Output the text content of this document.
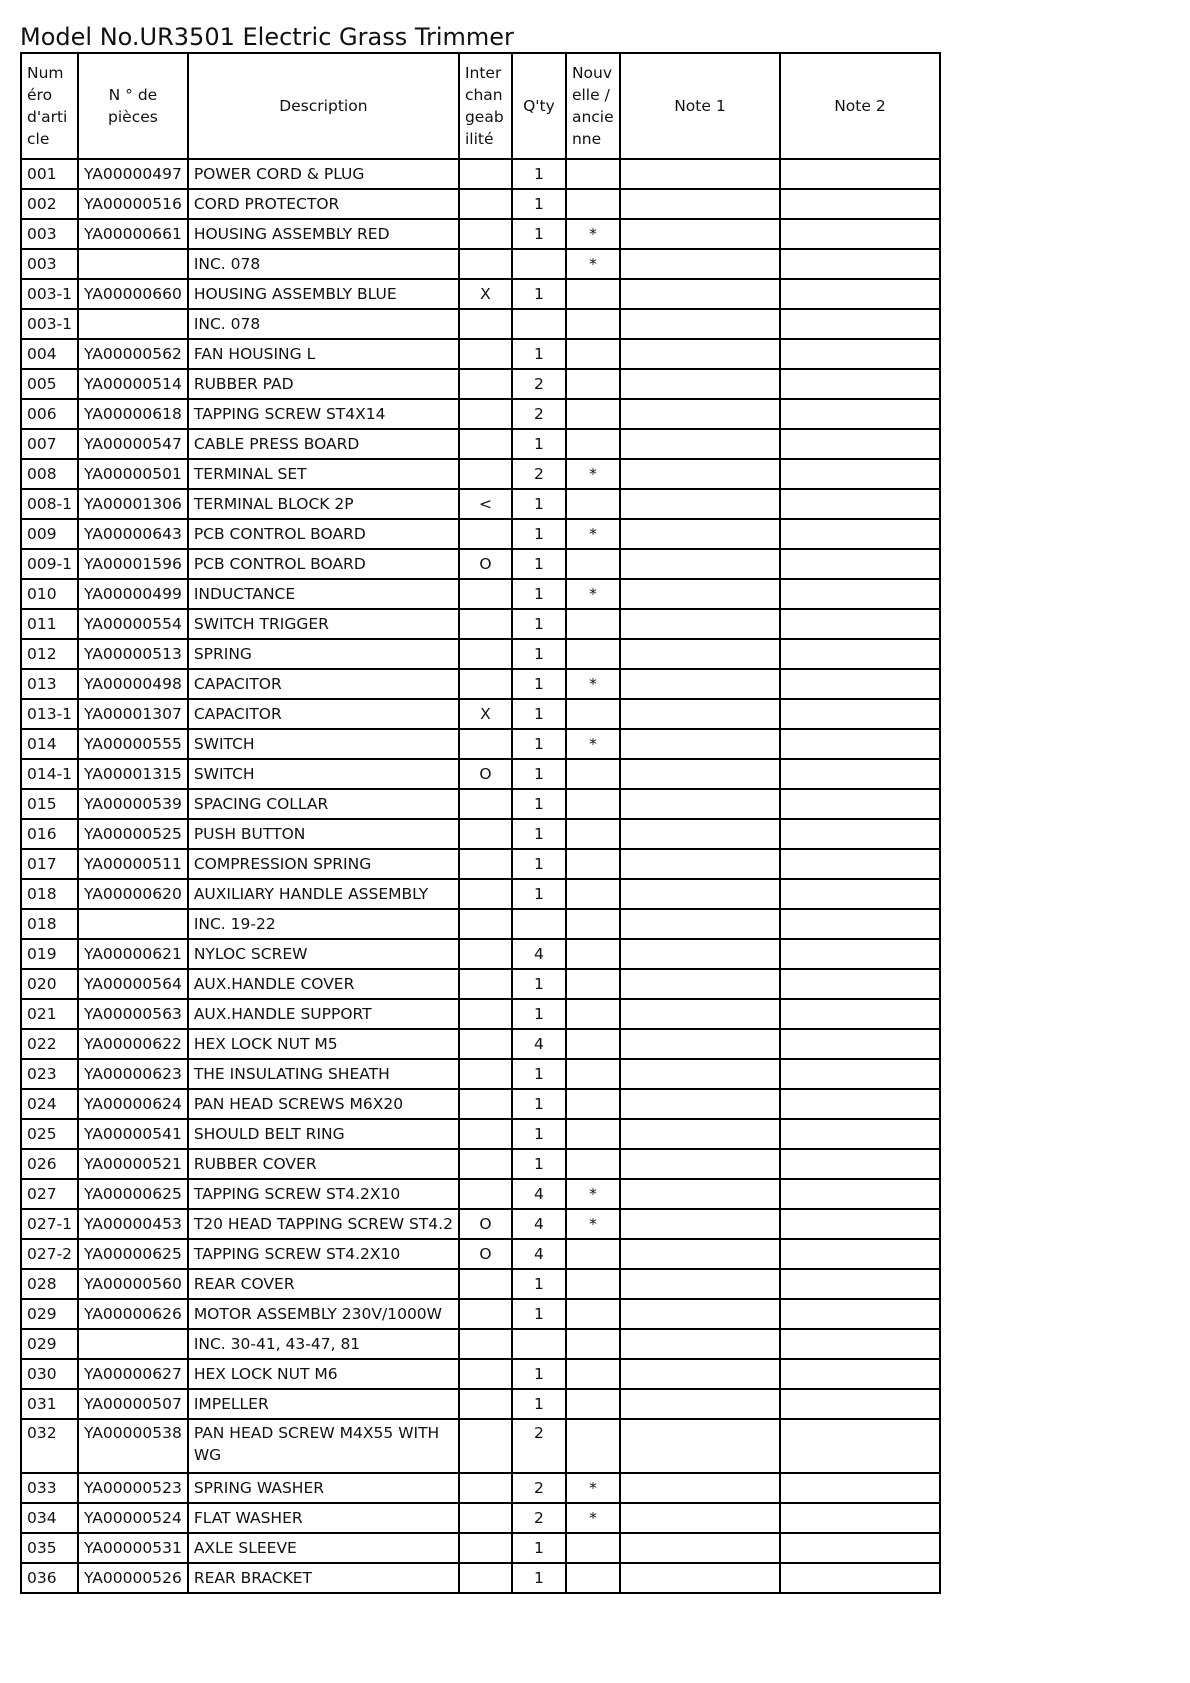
Model No.UR3501 Electric Grass Trimmer
Numéro d'article	N ° de pièces	Description	Interchangeabilité	Q'ty	Nouvelle / ancienne	Note 1	Note 2
001	YA00000497	POWER CORD & PLUG		1			
002	YA00000516	CORD PROTECTOR		1			
003	YA00000661	HOUSING ASSEMBLY RED		1	*		
003		INC. 078			*		
003-1	YA00000660	HOUSING ASSEMBLY BLUE	X	1			
003-1		INC. 078					
004	YA00000562	FAN HOUSING L		1			
005	YA00000514	RUBBER PAD		2			
006	YA00000618	TAPPING SCREW ST4X14		2			
007	YA00000547	CABLE PRESS BOARD		1			
008	YA00000501	TERMINAL SET		2	*		
008-1	YA00001306	TERMINAL BLOCK 2P	<	1			
009	YA00000643	PCB CONTROL BOARD		1	*		
009-1	YA00001596	PCB CONTROL BOARD	O	1			
010	YA00000499	INDUCTANCE		1	*		
011	YA00000554	SWITCH TRIGGER		1			
012	YA00000513	SPRING		1			
013	YA00000498	CAPACITOR		1	*		
013-1	YA00001307	CAPACITOR	X	1			
014	YA00000555	SWITCH		1	*		
014-1	YA00001315	SWITCH	O	1			
015	YA00000539	SPACING COLLAR		1			
016	YA00000525	PUSH BUTTON		1			
017	YA00000511	COMPRESSION SPRING		1			
018	YA00000620	AUXILIARY HANDLE ASSEMBLY		1			
018		INC. 19-22					
019	YA00000621	NYLOC SCREW		4			
020	YA00000564	AUX.HANDLE COVER		1			
021	YA00000563	AUX.HANDLE SUPPORT		1			
022	YA00000622	HEX LOCK NUT M5		4			
023	YA00000623	THE INSULATING SHEATH		1			
024	YA00000624	PAN HEAD SCREWS M6X20		1			
025	YA00000541	SHOULD BELT RING		1			
026	YA00000521	RUBBER COVER		1			
027	YA00000625	TAPPING SCREW ST4.2X10		4	*		
027-1	YA00000453	T20 HEAD TAPPING SCREW ST4.2	O	4	*		
027-2	YA00000625	TAPPING SCREW ST4.2X10	O	4			
028	YA00000560	REAR COVER		1			
029	YA00000626	MOTOR ASSEMBLY 230V/1000W		1			
029		INC. 30-41, 43-47, 81					
030	YA00000627	HEX LOCK NUT M6		1			
031	YA00000507	IMPELLER		1			
032	YA00000538	PAN HEAD SCREW M4X55 WITH WG		2			
033	YA00000523	SPRING WASHER		2	*		
034	YA00000524	FLAT WASHER		2	*		
035	YA00000531	AXLE SLEEVE		1			
036	YA00000526	REAR BRACKET		1			
